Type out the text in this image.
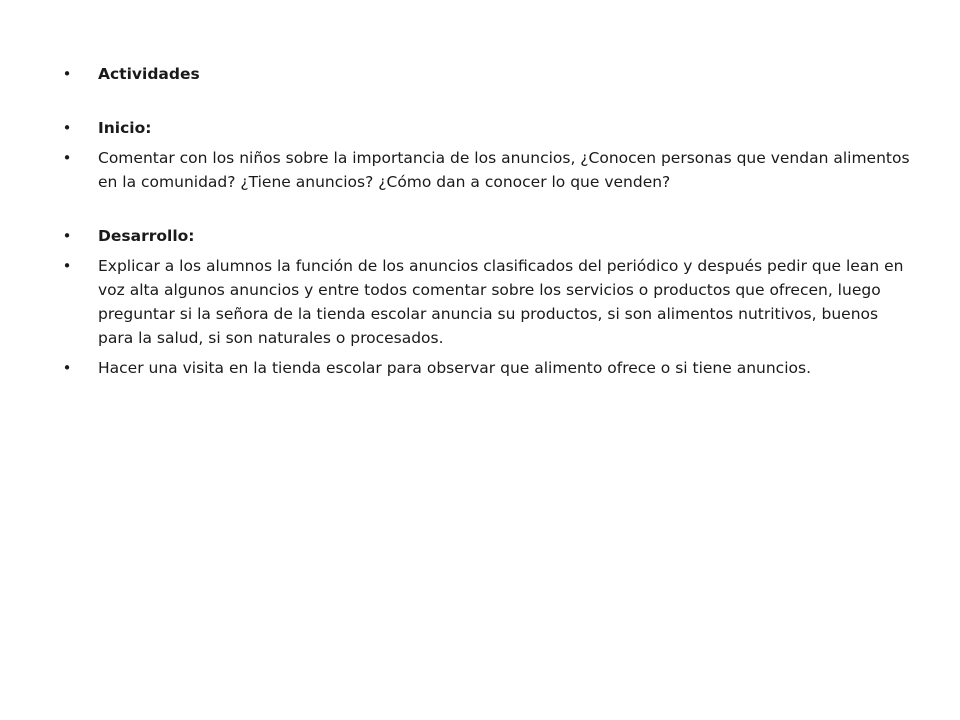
• Actividades
• Inicio:
• Comentar con los niños sobre la importancia de los anuncios, ¿Conocen personas que vendan alimentos en la comunidad? ¿Tiene anuncios? ¿Cómo dan a conocer lo que venden?
• Desarrollo:
• Explicar a los alumnos la función de los anuncios clasificados del periódico y después pedir que lean en voz alta algunos anuncios y entre todos comentar sobre los servicios o productos que ofrecen, luego preguntar si la señora de la tienda escolar anuncia su productos, si son alimentos nutritivos, buenos para la salud, si son naturales o procesados.
• Hacer una visita en la tienda escolar para observar que alimento ofrece o si tiene anuncios.
